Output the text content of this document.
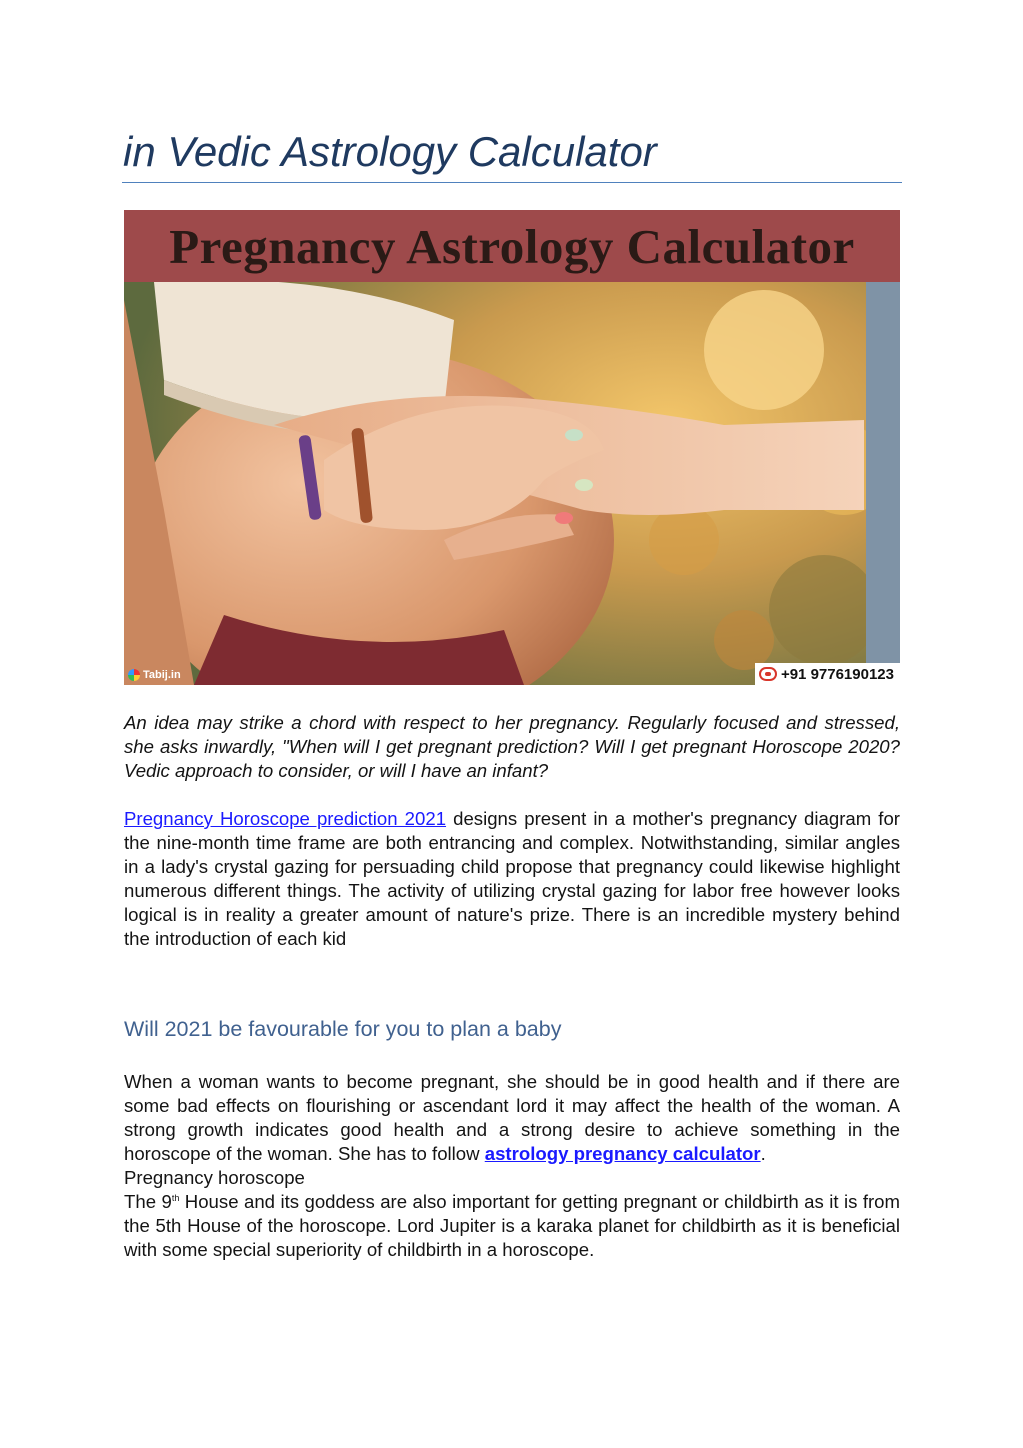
in Vedic Astrology Calculator
Pregnancy Astrology Calculator
Tabij.in	+91 9776190123

An idea may strike a chord with respect to her pregnancy. Regularly focused and stressed, she asks inwardly, "When will I get pregnant prediction? Will I get pregnant Horoscope 2020? Vedic approach to consider, or will I have an infant?

Pregnancy Horoscope prediction 2021 designs present in a mother's pregnancy diagram for the nine-month time frame are both entrancing and complex. Notwithstanding, similar angles in a lady's crystal gazing for persuading child propose that pregnancy could likewise highlight numerous different things. The activity of utilizing crystal gazing for labor free however looks logical is in reality a greater amount of nature's prize. There is an incredible mystery behind the introduction of each kid

Will 2021 be favourable for you to plan a baby

When a woman wants to become pregnant, she should be in good health and if there are some bad effects on flourishing or ascendant lord it may affect the health of the woman. A strong growth indicates good health and a strong desire to achieve something in the horoscope of the woman. She has to follow astrology pregnancy calculator.
Pregnancy horoscope
The 9th House and its goddess are also important for getting pregnant or childbirth as it is from the 5th House of the horoscope. Lord Jupiter is a karaka planet for childbirth as it is beneficial with some special superiority of childbirth in a horoscope.
